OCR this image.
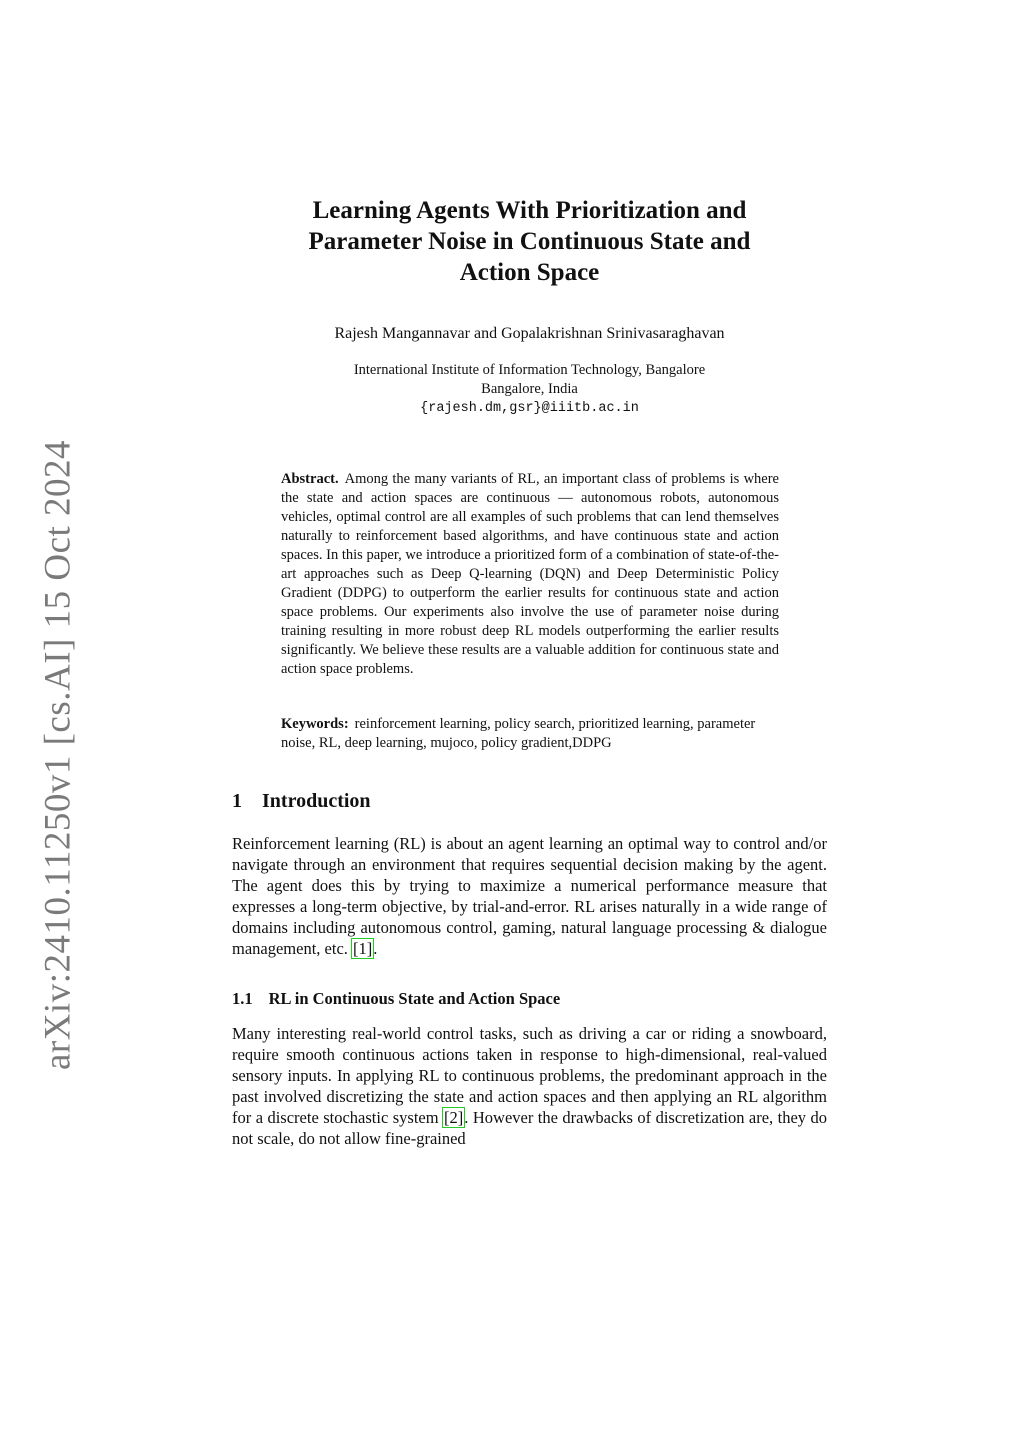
arXiv:2410.11250v1 [cs.AI] 15 Oct 2024
Learning Agents With Prioritization and
Parameter Noise in Continuous State and
Action Space
Rajesh Mangannavar and Gopalakrishnan Srinivasaraghavan
International Institute of Information Technology, Bangalore
Bangalore, India
{rajesh.dm,gsr}@iiitb.ac.in

Abstract. Among the many variants of RL, an important class of problems is where the state and action spaces are continuous — autonomous robots, autonomous vehicles, optimal control are all examples of such problems that can lend themselves naturally to reinforcement based algorithms, and have continuous state and action spaces. In this paper, we introduce a prioritized form of a combination of state-of-the-art approaches such as Deep Q-learning (DQN) and Deep Deterministic Policy Gradient (DDPG) to outperform the earlier results for continuous state and action space problems. Our experiments also involve the use of parameter noise during training resulting in more robust deep RL models outperforming the earlier results significantly. We believe these results are a valuable addition for continuous state and action space problems.

Keywords: reinforcement learning, policy search, prioritized learning, parameter noise, RL, deep learning, mujoco, policy gradient,DDPG

1 Introduction

Reinforcement learning (RL) is about an agent learning an optimal way to control and/or navigate through an environment that requires sequential decision making by the agent. The agent does this by trying to maximize a numerical performance measure that expresses a long-term objective, by trial-and-error. RL arises naturally in a wide range of domains including autonomous control, gaming, natural language processing & dialogue management, etc. [1].

1.1 RL in Continuous State and Action Space

Many interesting real-world control tasks, such as driving a car or riding a snowboard, require smooth continuous actions taken in response to high-dimensional, real-valued sensory inputs. In applying RL to continuous problems, the predominant approach in the past involved discretizing the state and action spaces and then applying an RL algorithm for a discrete stochastic system [2]. However the drawbacks of discretization are, they do not scale, do not allow fine-grained
